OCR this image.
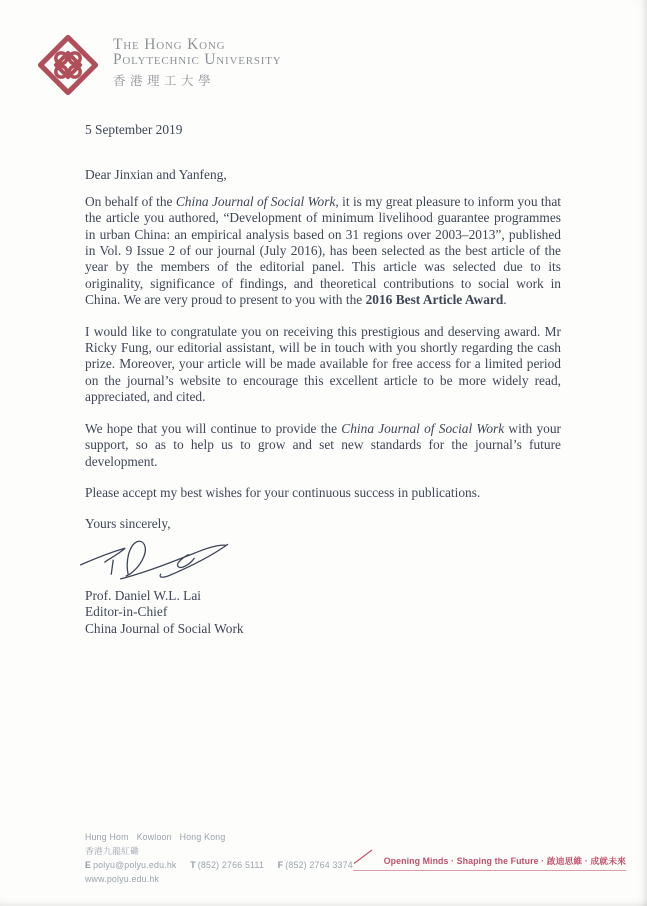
The Hong Kong
Polytechnic University
香港理工大學
5 September 2019
Dear Jinxian and Yanfeng,

On behalf of the China Journal of Social Work, it is my great pleasure to inform you that the article you authored, “Development of minimum livelihood guarantee programmes in urban China: an empirical analysis based on 31 regions over 2003–2013”, published in Vol. 9 Issue 2 of our journal (July 2016), has been selected as the best article of the year by the members of the editorial panel. This article was selected due to its originality, significance of findings, and theoretical contributions to social work in China. We are very proud to present to you with the 2016 Best Article Award.

I would like to congratulate you on receiving this prestigious and deserving award. Mr Ricky Fung, our editorial assistant, will be in touch with you shortly regarding the cash prize. Moreover, your article will be made available for free access for a limited period on the journal’s website to encourage this excellent article to be more widely read, appreciated, and cited.

We hope that you will continue to provide the China Journal of Social Work with your support, so as to help us to grow and set new standards for the journal’s future development.

Please accept my best wishes for your continuous success in publications.

Yours sincerely,
Prof. Daniel W.L. Lai
Editor-in-Chief
China Journal of Social Work
Hung Hom   Kowloon   Hong Kong
香港九龍紅磡
E polyu@polyu.edu.hk T (852) 2766 5111 F (852) 2764 3374
www.polyu.edu.hk
Opening Minds · Shaping the Future · 啟迪思維 · 成就未來
